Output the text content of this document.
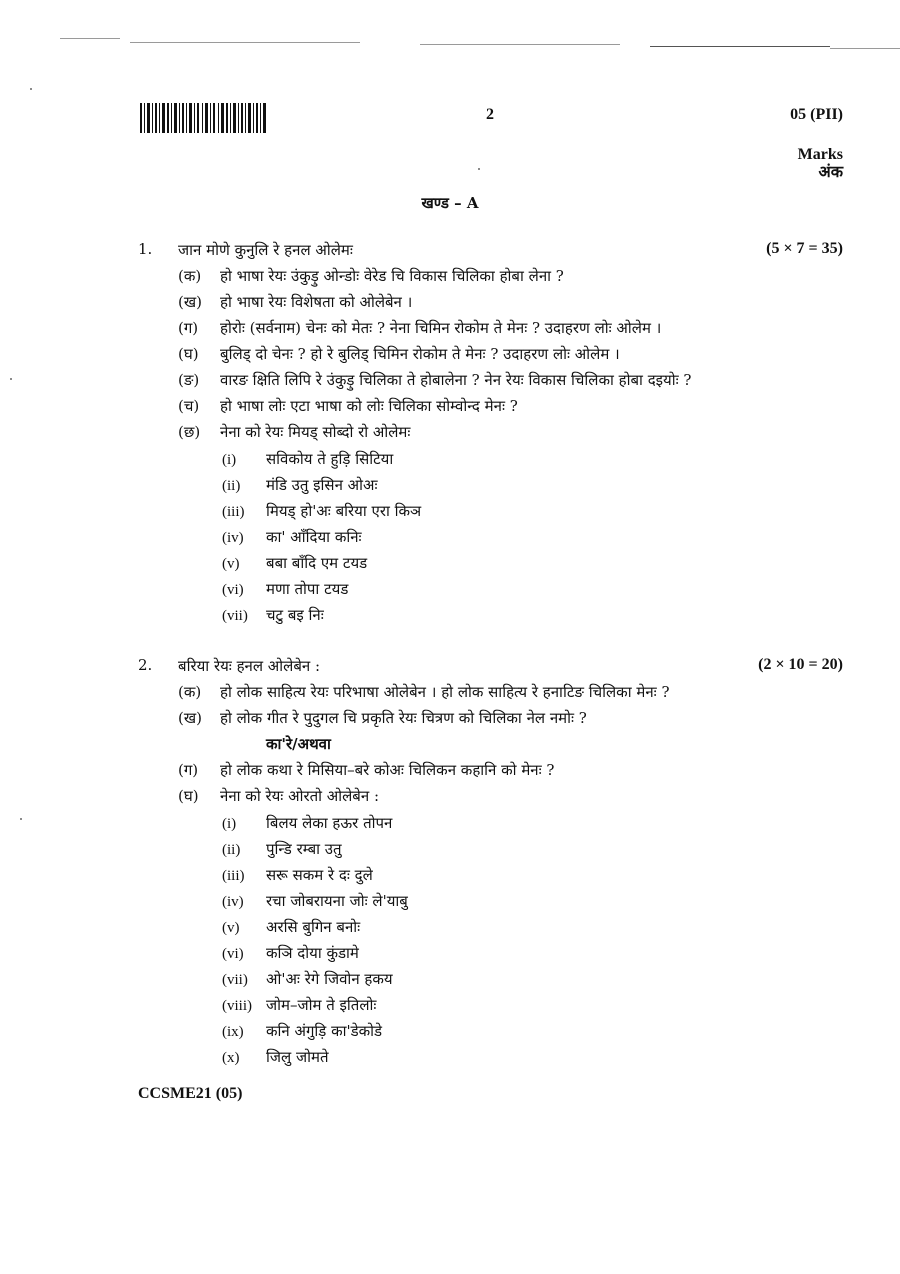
2	05 (PII)
Marks
अंक
खण्ड – A
1. जान मोणे कुनुलि रे हनल ओलेमः	(5 × 7 = 35)
(क) हो भाषा रेयः उंकुड़ु ओन्डोः वेरेड चि विकास चिलिका होबा लेना ?
(ख) हो भाषा रेयः विशेषता को ओलेबेन ।
(ग) होरोः (सर्वनाम) चेनः को मेतः ? नेना चिमिन रोकोम ते मेनः ? उदाहरण लोः ओलेम ।
(घ) बुलिड् दो चेनः ? हो रे बुलिड् चिमिन रोकोम ते मेनः ? उदाहरण लोः ओलेम ।
(ङ) वारङ क्षिति लिपि रे उंकुड़ु चिलिका ते होबालेना ? नेन रेयः विकास चिलिका होबा दइयोः ?
(च) हो भाषा लोः एटा भाषा को लोः चिलिका सोम्वोन्द मेनः ?
(छ) नेना को रेयः मियड् सोब्दो रो ओलेमः
(i) सविकोय ते हुड़ि सिटिया
(ii) मंडि उतु इसिन ओअः
(iii) मियड् हो'अः बरिया एरा किञ
(iv) का' आँदिया कनिः
(v) बबा बाँदि एम टयड
(vi) मणा तोपा टयड
(vii) चटु बइ निः
2. बरिया रेयः हनल ओलेबेन :	(2 × 10 = 20)
(क) हो लोक साहित्य रेयः परिभाषा ओलेबेन । हो लोक साहित्य रे हनाटिङ चिलिका मेनः ?
(ख) हो लोक गीत रे पुदुगल चि प्रकृति रेयः चित्रण को चिलिका नेल नमोः ?
का'रे/अथवा
(ग) हो लोक कथा रे मिसिया–बरे कोअः चिलिकन कहानि को मेनः ?
(घ) नेना को रेयः ओरतो ओलेबेन :
(i) बिलय लेका हऊर तोपन
(ii) पुन्डि रम्बा उतु
(iii) सरू सकम रे दः दुले
(iv) रचा जोबरायना जोः ले'याबु
(v) अरसि बुगिन बनोः
(vi) कञि दोया कुंडामे
(vii) ओ'अः रेगे जिवोन हकय
(viii) जोम–जोम ते इतिलोः
(ix) कनि अंगुड़ि का'डेकोडे
(x) जिलु जोमते
CCSME21 (05)
